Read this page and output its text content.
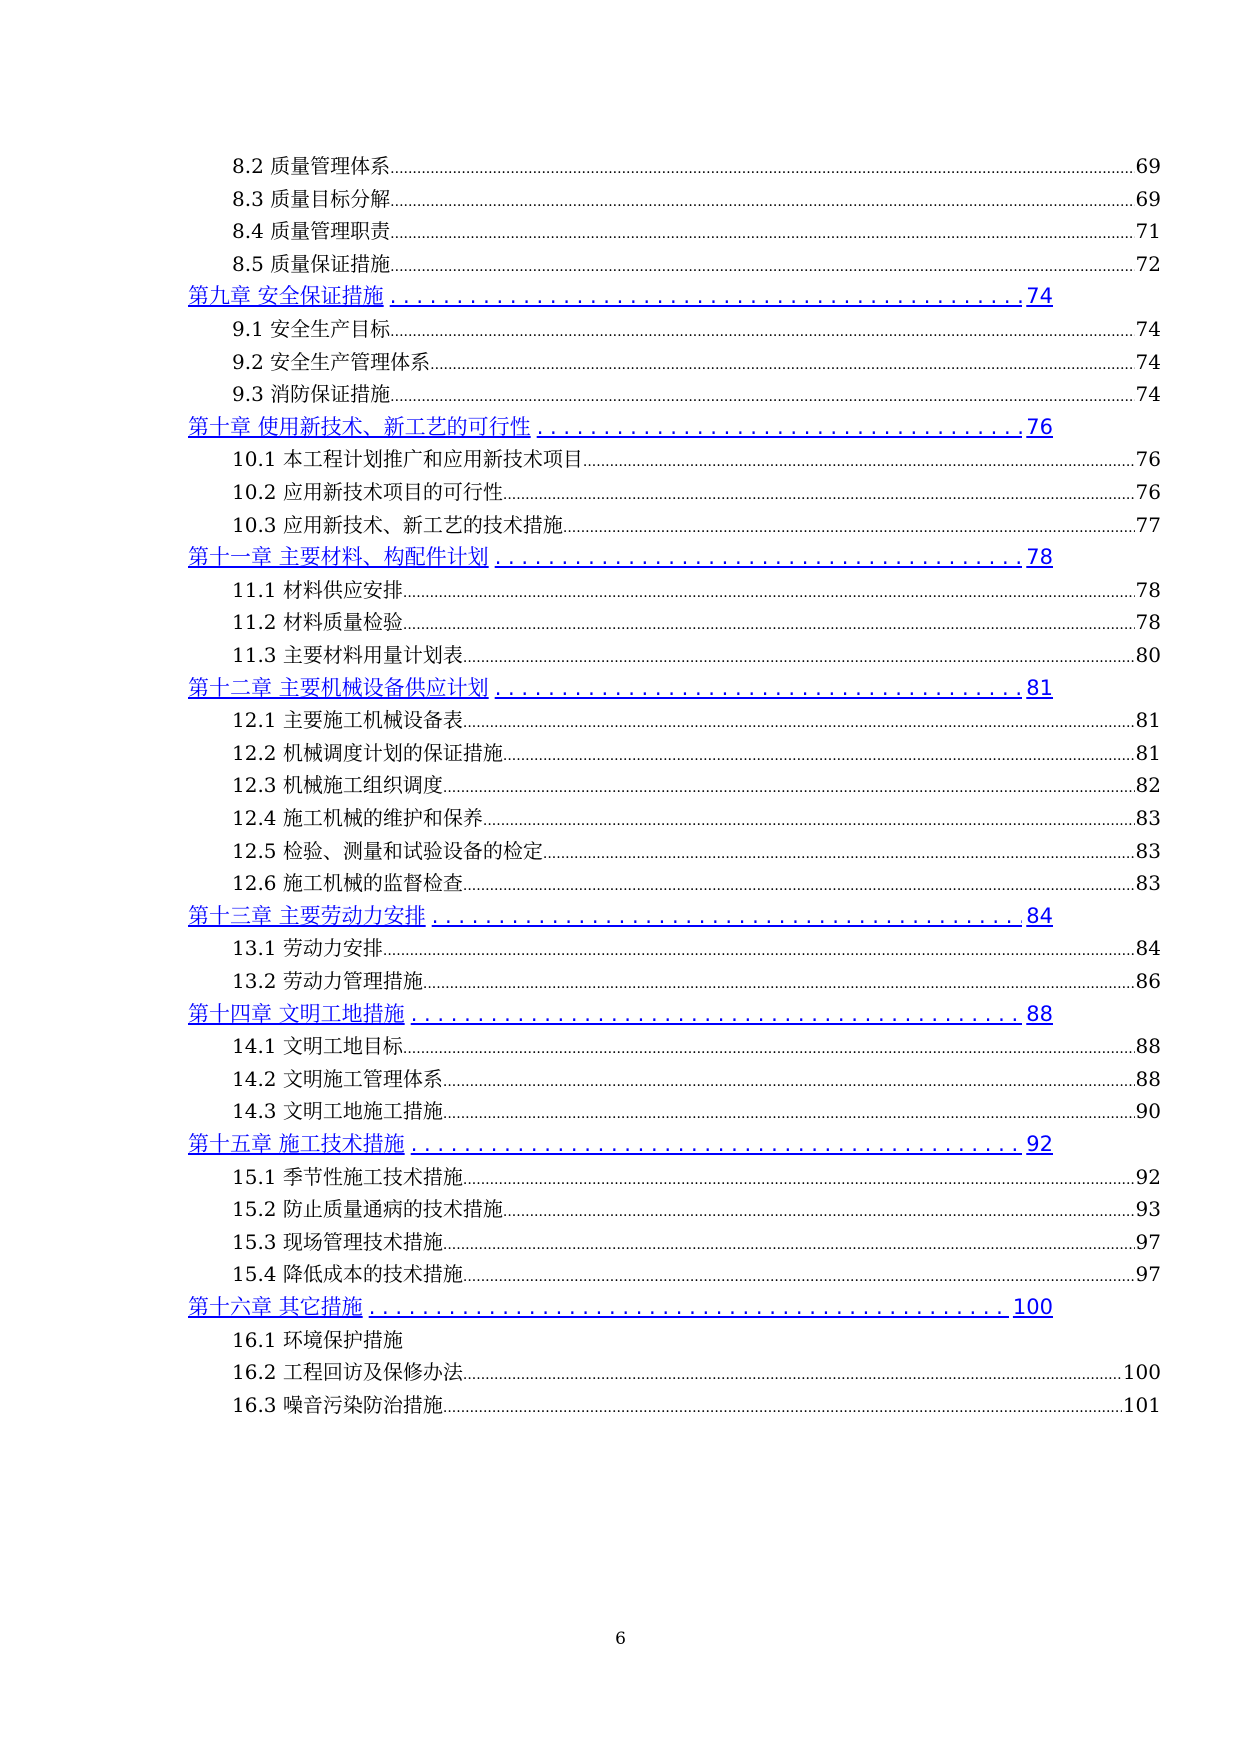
8.2 质量管理体系 .....	69
8.3 质量目标分解 .....	69
8.4 质量管理职责 .....	71
8.5 质量保证措施 .....	72
第九章 安全保证措施 . . .	74
9.1 安全生产目标 .....	74
9.2 安全生产管理体系 .....	74
9.3 消防保证措施 .....	74
第十章 使用新技术、新工艺的可行性 . . .	76
10.1 本工程计划推广和应用新技术项目 .....	76
10.2 应用新技术项目的可行性 .....	76
10.3 应用新技术、新工艺的技术措施 .....	77
第十一章 主要材料、构配件计划 . . .	78
11.1 材料供应安排 .....	78
11.2 材料质量检验 .....	78
11.3 主要材料用量计划表 .....	80
第十二章 主要机械设备供应计划 . . .	81
12.1 主要施工机械设备表 .....	81
12.2 机械调度计划的保证措施 .....	81
12.3 机械施工组织调度 .....	82
12.4 施工机械的维护和保养 .....	83
12.5 检验、测量和试验设备的检定 .....	83
12.6 施工机械的监督检查 .....	83
第十三章 主要劳动力安排 . . .	84
13.1 劳动力安排 .....	84
13.2 劳动力管理措施 .....	86
第十四章 文明工地措施 . . .	88
14.1 文明工地目标 .....	88
14.2 文明施工管理体系 .....	88
14.3 文明工地施工措施 .....	90
第十五章 施工技术措施 . . .	92
15.1 季节性施工技术措施 .....	92
15.2 防止质量通病的技术措施 .....	93
15.3 现场管理技术措施 .....	97
15.4 降低成本的技术措施 .....	97
第十六章 其它措施 . . .	100
16.1 环境保护措施
16.2 工程回访及保修办法 .....	100
16.3 噪音污染防治措施 .....	101
6
